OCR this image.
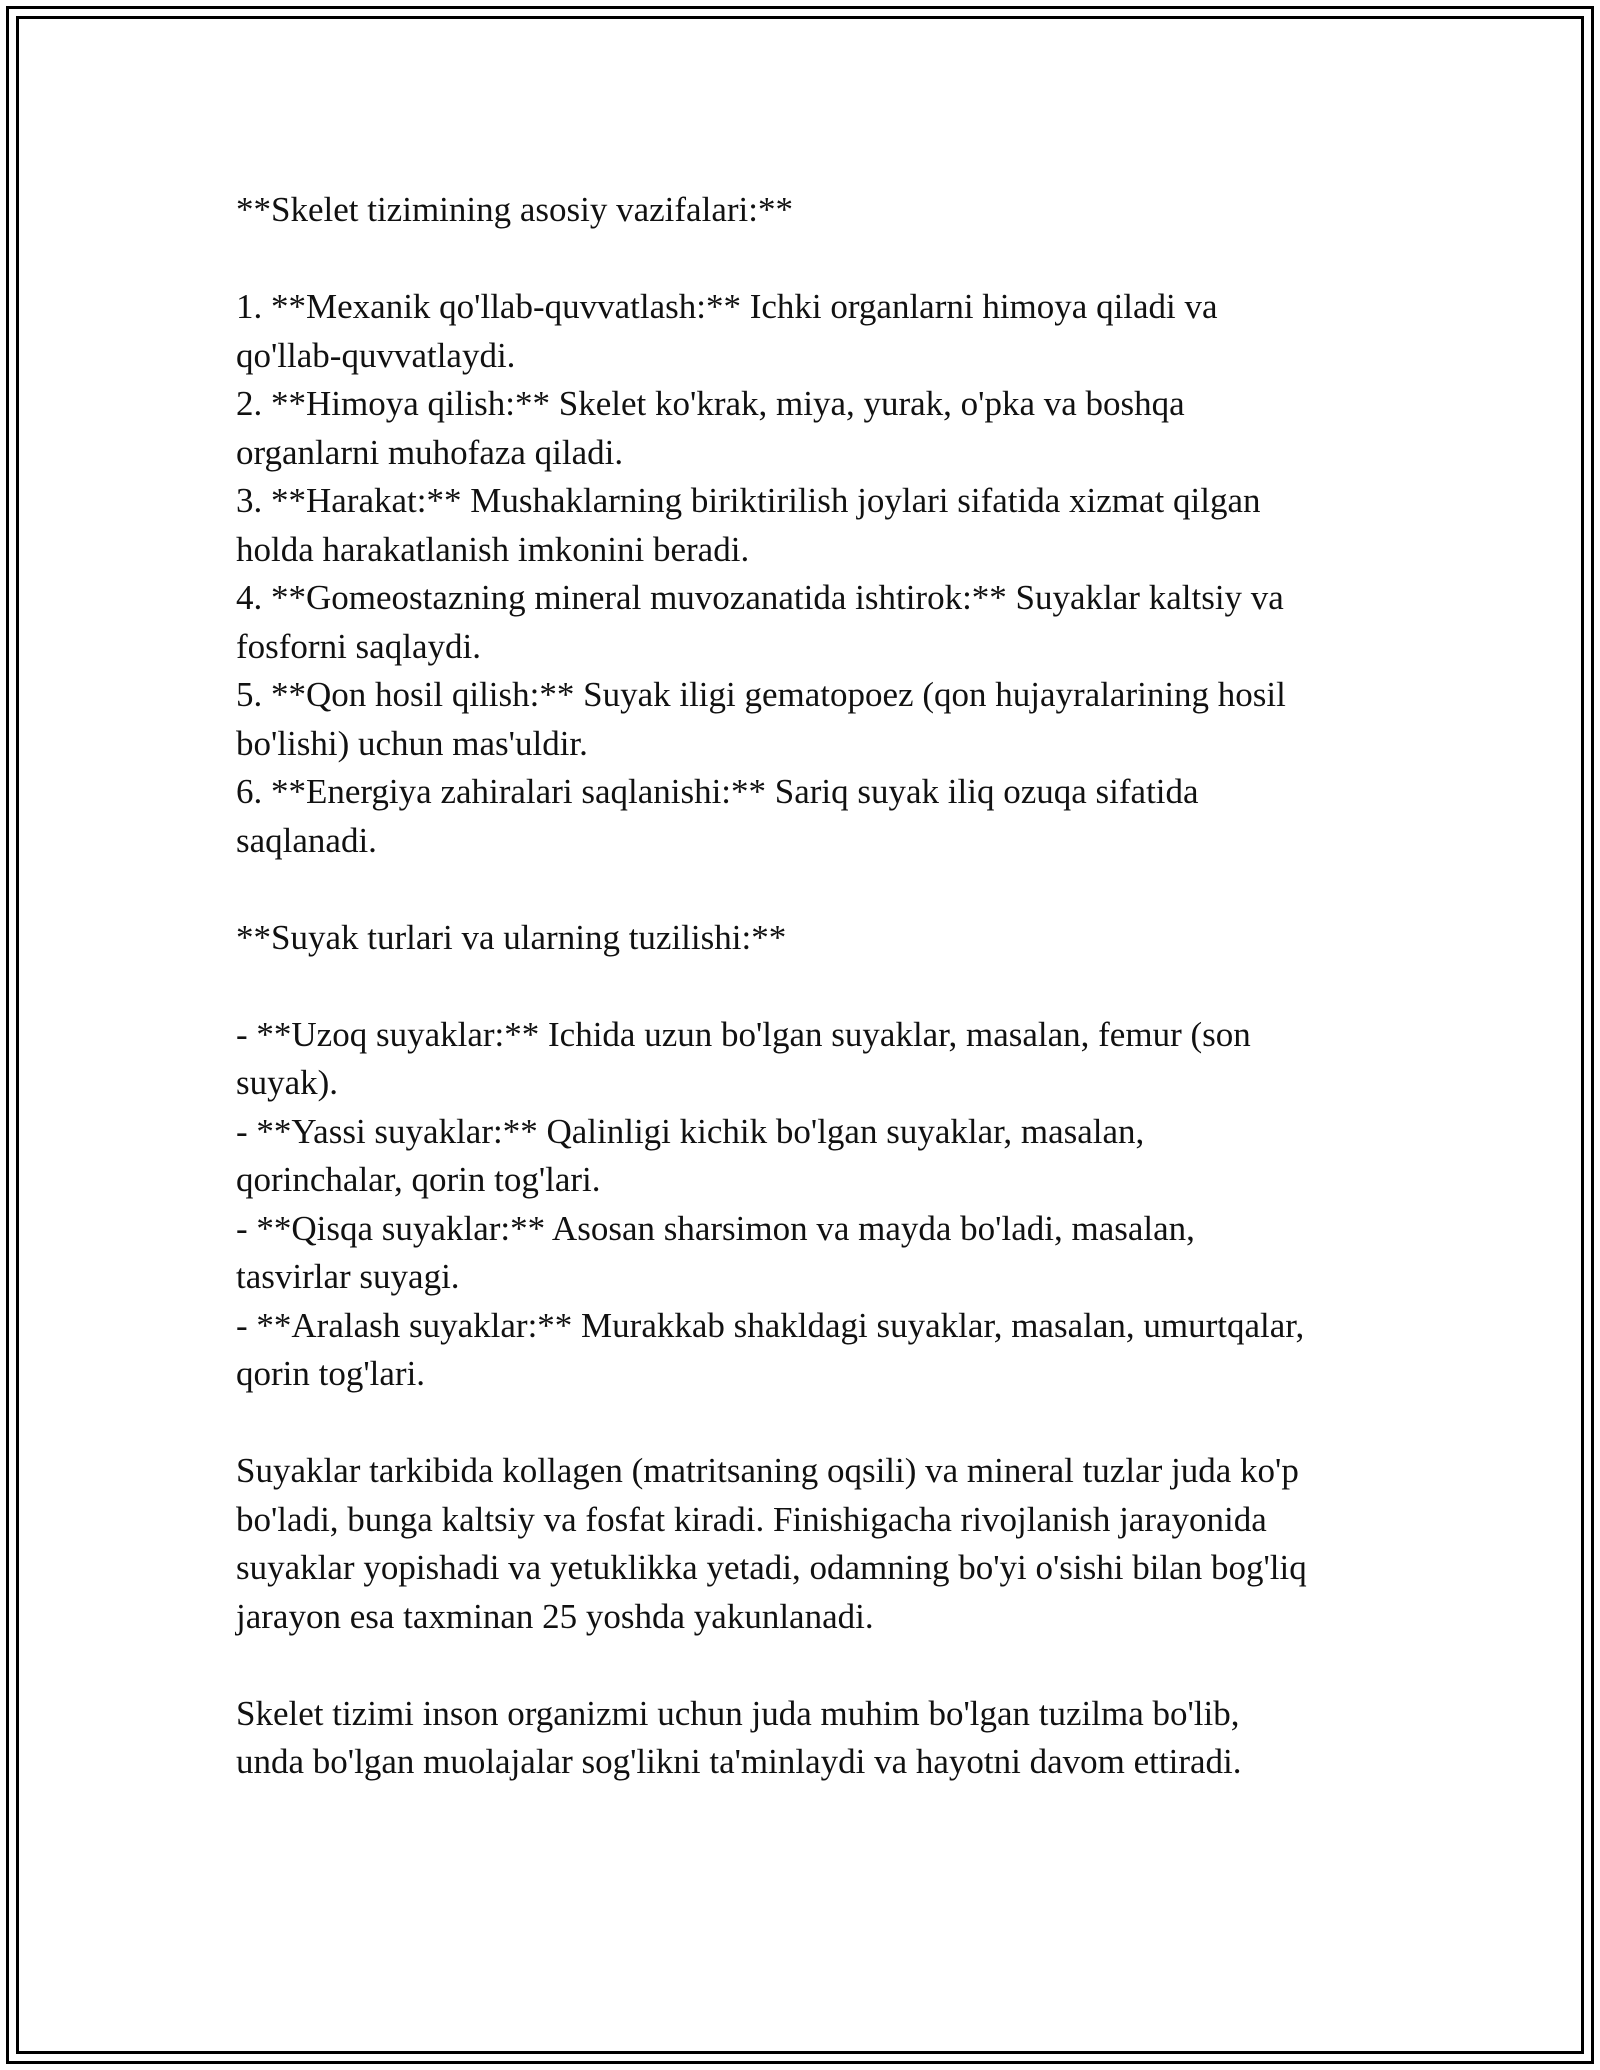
**Skelet tizimining asosiy vazifalari:**
1. **Mexanik qo'llab-quvvatlash:** Ichki organlarni himoya qiladi va
qo'llab-quvvatlaydi.
2. **Himoya qilish:** Skelet ko'krak, miya, yurak, o'pka va boshqa
organlarni muhofaza qiladi.
3. **Harakat:** Mushaklarning biriktirilish joylari sifatida xizmat qilgan
holda harakatlanish imkonini beradi.
4. **Gomeostazning mineral muvozanatida ishtirok:** Suyaklar kaltsiy va
fosforni saqlaydi.
5. **Qon hosil qilish:** Suyak iligi gematopoez (qon hujayralarining hosil
bo'lishi) uchun mas'uldir.
6. **Energiya zahiralari saqlanishi:** Sariq suyak iliq ozuqa sifatida
saqlanadi.
**Suyak turlari va ularning tuzilishi:**
- **Uzoq suyaklar:** Ichida uzun bo'lgan suyaklar, masalan, femur (son
suyak).
- **Yassi suyaklar:** Qalinligi kichik bo'lgan suyaklar, masalan,
qorinchalar, qorin tog'lari.
- **Qisqa suyaklar:** Asosan sharsimon va mayda bo'ladi, masalan,
tasvirlar suyagi.
- **Aralash suyaklar:** Murakkab shakldagi suyaklar, masalan, umurtqalar,
qorin tog'lari.
Suyaklar tarkibida kollagen (matritsaning oqsili) va mineral tuzlar juda ko'p
bo'ladi, bunga kaltsiy va fosfat kiradi. Finishigacha rivojlanish jarayonida
suyaklar yopishadi va yetuklikka yetadi, odamning bo'yi o'sishi bilan bog'liq
jarayon esa taxminan 25 yoshda yakunlanadi.
Skelet tizimi inson organizmi uchun juda muhim bo'lgan tuzilma bo'lib,
unda bo'lgan muolajalar sog'likni ta'minlaydi va hayotni davom ettiradi.
